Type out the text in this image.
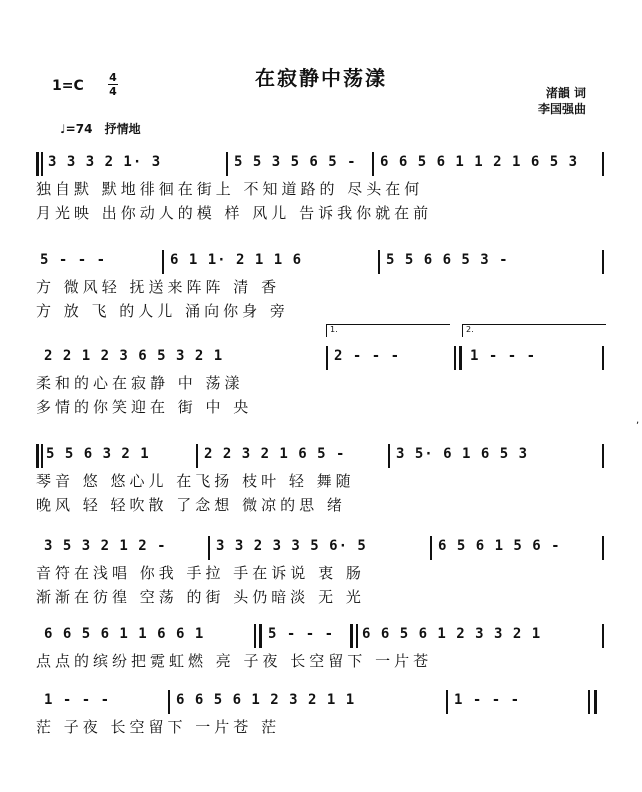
在寂静中荡漾
1=C
4
4
♩=74 抒情地
渚韻 词
李国强曲
3 3 3 2 1· 3	5 5 3 5 6 5 - 6 6 5 6 1 1 2 1 6 5 3
独自默 默地徘徊在街上 不知道路的 尽头在何
月光映 出你动人的模 样 风儿 告诉我你就在前
5 - - -	6 1 1· 2 1 1 6	5 5 6 6 5 3 -
方 微风轻 抚送来阵阵 清 香
方 放 飞 的人儿 涌向你身 旁
1.	2.
2 2 1 2 3 6 5 3 2 1	2 - - -	1 - - -
柔和的心在寂静 中 荡漾
多情的你笑迎在 街 中 央
5 5 6 3 2 1	2 2 3 2 1 6 5 -	3 5· 6 1 6 5 3
琴音 悠 悠心儿 在飞扬 枝叶 轻 舞随
晚风 轻 轻吹散 了念想 微凉的思 绪
3 5 3 2 1 2 -	3 3 2 3 3 5 6· 5	6 5 6 1 5 6 -
音符在浅唱 你我 手拉 手在诉说 衷 肠
渐渐在彷徨 空荡 的街 头仍暗淡 无 光
6 6 5 6 1 1 6 6 1	5 - - - 6 6 5 6 1 2 3 3 2 1
点点的缤纷把霓虹燃 亮 子夜 长空留下 一片苍
1 - - -	6 6 5 6 1 2 3 2 1 1	1 - - -
茫 子夜 长空留下 一片苍 茫
,
